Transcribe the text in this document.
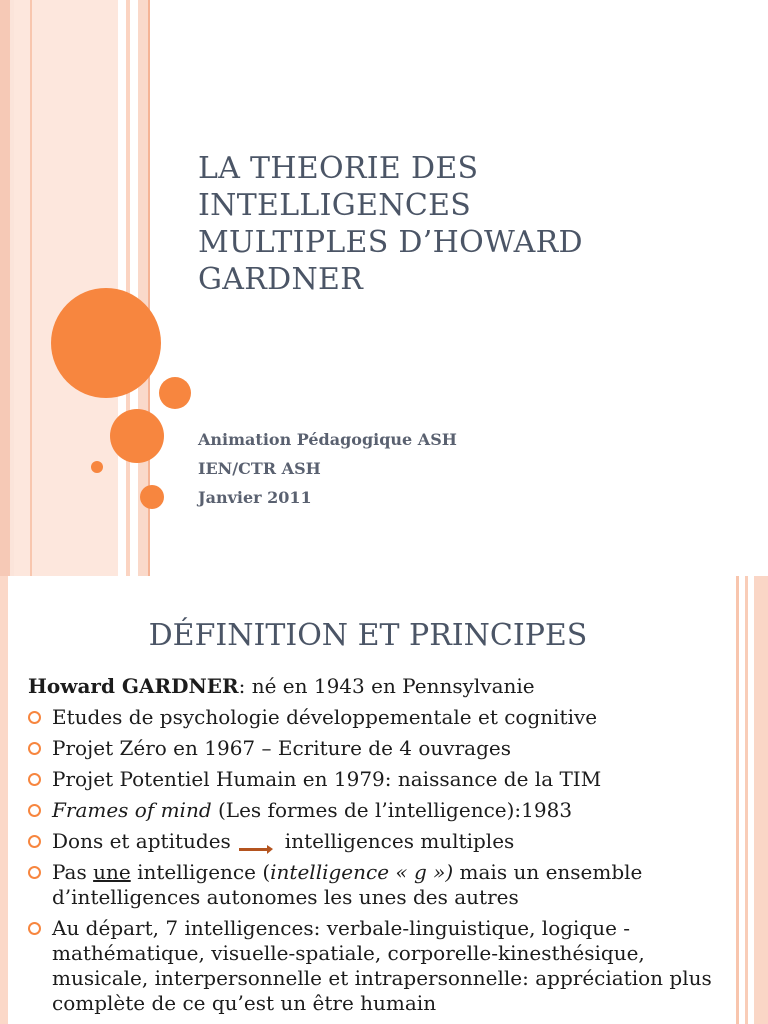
LA THEORIE DES
INTELLIGENCES
MULTIPLES D’HOWARD
GARDNER
Animation Pédagogique ASH
IEN/CTR ASH
Janvier 2011
DÉFINITION ET PRINCIPES
Howard GARDNER: né en 1943 en Pennsylvanie
Etudes de psychologie développementale et cognitive
Projet Zéro en 1967 – Ecriture de 4 ouvrages
Projet Potentiel Humain en 1979: naissance de la TIM
Frames of mind (Les formes de l’intelligence):1983
Dons et aptitudes	intelligences multiples
Pas une intelligence (intelligence « g ») mais un ensemble d’intelligences autonomes les unes des autres
Au départ, 7 intelligences: verbale-linguistique, logique - mathématique, visuelle-spatiale, corporelle-kinesthésique, musicale, interpersonnelle et intrapersonnelle: appréciation plus complète de ce qu’est un être humain
